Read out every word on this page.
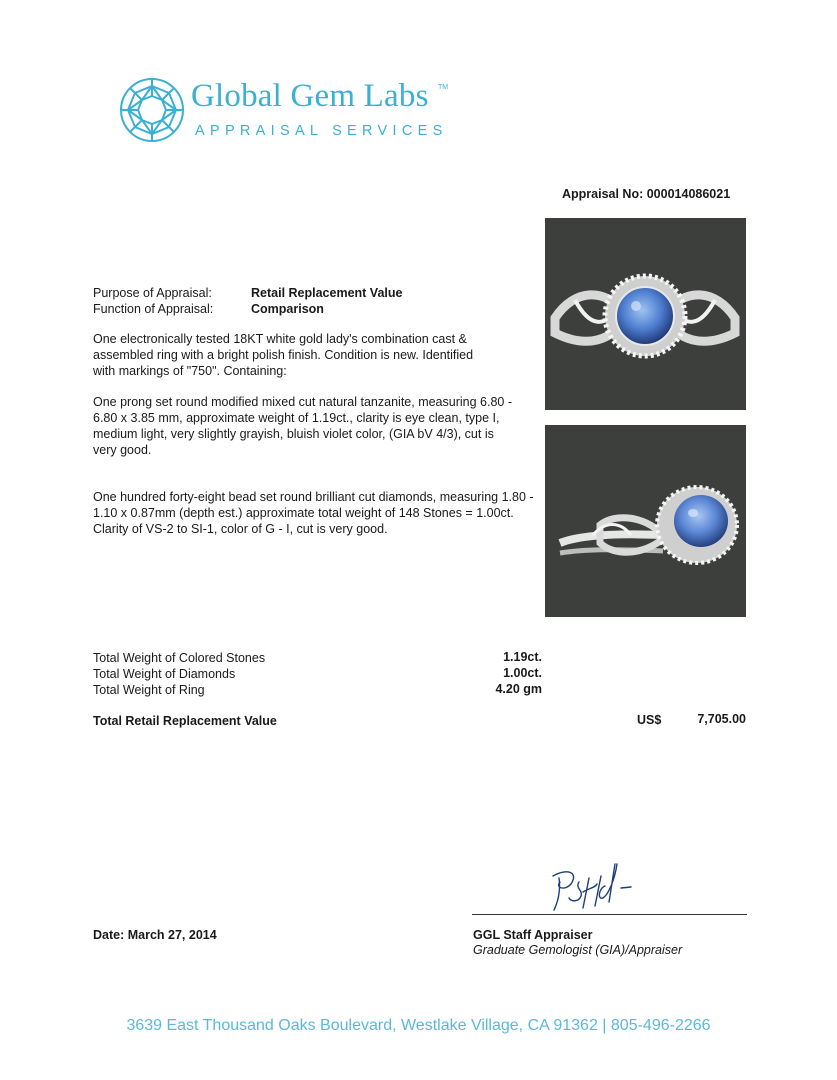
Global Gem Labs TM
APPRAISAL SERVICES
Appraisal No: 000014086021
Purpose of Appraisal:	Retail Replacement Value
Function of Appraisal:	Comparison
One electronically tested 18KT white gold lady's combination cast & assembled ring with a bright polish finish. Condition is new. Identified with markings of "750". Containing:
One prong set round modified mixed cut natural tanzanite, measuring 6.80 - 6.80 x 3.85 mm, approximate weight of 1.19ct., clarity is eye clean, type I, medium light, very slightly grayish, bluish violet color, (GIA bV 4/3), cut is very good.
One hundred forty-eight bead set round brilliant cut diamonds, measuring 1.80 - 1.10 x 0.87mm (depth est.) approximate total weight of 148 Stones = 1.00ct. Clarity of VS-2 to SI-1, color of G - I, cut is very good.
Total Weight of Colored Stones	1.19ct.
Total Weight of Diamonds	1.00ct.
Total Weight of Ring	4.20 gm
Total Retail Replacement Value	US$	7,705.00
Date: March 27, 2014	GGL Staff Appraiser
Graduate Gemologist (GIA)/Appraiser
3639 East Thousand Oaks Boulevard, Westlake Village, CA 91362 | 805-496-2266
